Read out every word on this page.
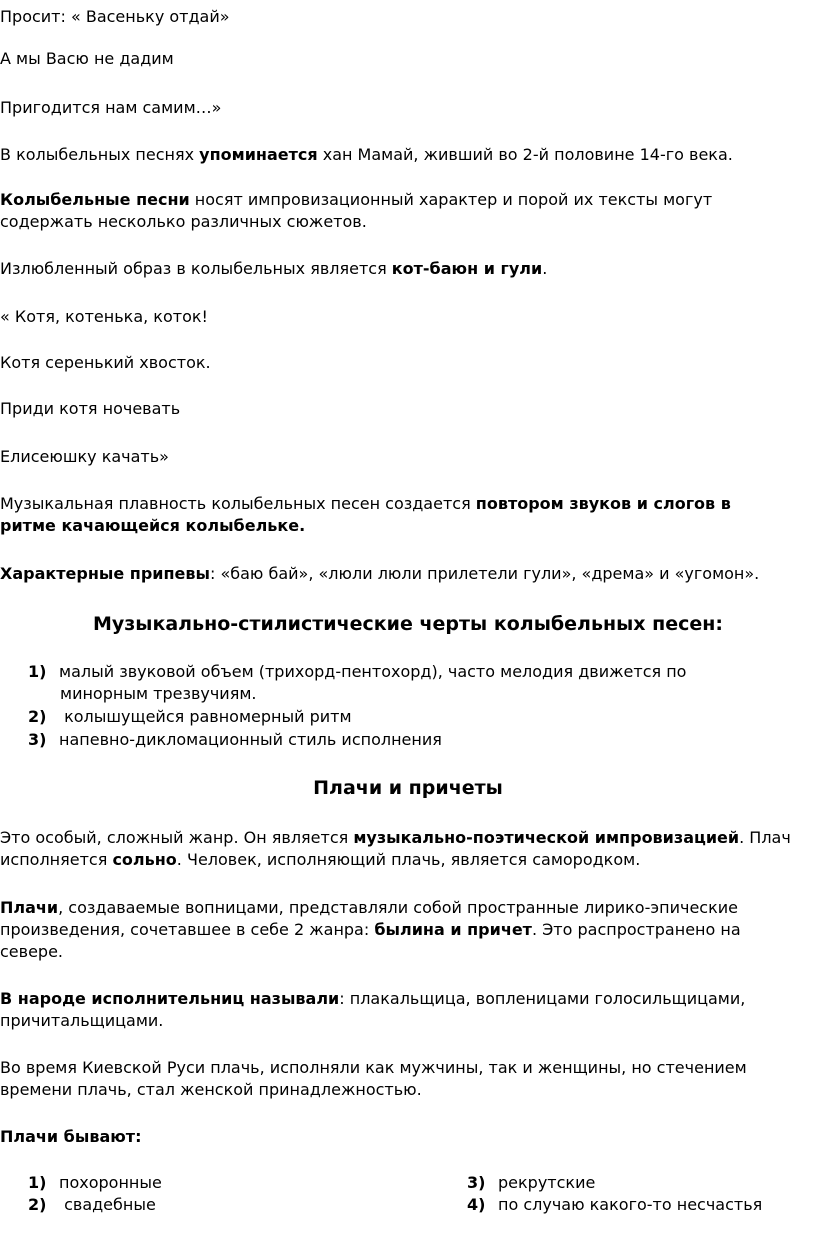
Просит: « Васеньку отдай»

А мы Васю не дадим

Пригодится нам самим…»

В колыбельных песнях упоминается хан Мамай, живший во 2-й половине 14-го века.

Колыбельные песни носят импровизационный характер и порой их тексты могут

содержать несколько различных сюжетов.

Излюбленный образ в колыбельных является кот-баюн и гули.

« Котя, котенька, коток!

Котя серенький хвосток.

Приди котя ночевать

Елисеюшку качать»

Музыкальная плавность колыбельных песен создается повтором звуков и слогов в

ритме качающейся колыбельке.

Характерные припевы: «баю бай», «люли люли прилетели гули», «дрема» и «угомон».

Музыкально-стилистические черты колыбельных песен:
1) малый звуковой объем (трихорд-пентохорд), часто мелодия движется по
минорным трезвучиям.
2) колышущейся равномерный ритм
3) напевно-дикломационный стиль исполнения
Плачи и причеты

Это особый, сложный жанр. Он является музыкально-поэтической импровизацией. Плач

исполняется сольно. Человек, исполняющий плачь, является самородком.

Плачи, создаваемые вопницами, представляли собой пространные лирико-эпические

произведения, сочетавшее в себе 2 жанра: былина и причет. Это распространено на

севере.

В народе исполнительниц называли: плакальщица, вопленицами голосильщицами,

причитальщицами.

Во время Киевской Руси плачь, исполняли как мужчины, так и женщины, но стечением

времени плачь, стал женской принадлежностью.

Плачи бывают:

1) похоронные
2) свадебные
3) рекрутские
4) по случаю какого-то несчастья
